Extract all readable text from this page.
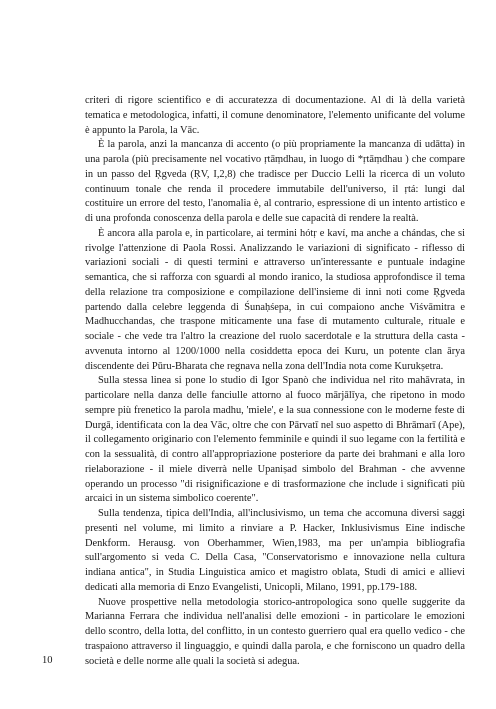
criteri di rigore scientifico e di accuratezza di documentazione. Al di là della varietà tematica e metodologica, infatti, il comune denominatore, l'elemento unificante del volume è appunto la Parola, la Vāc.

È la parola, anzi la mancanza di accento (o più propriamente la mancanza di udātta) in una parola (più precisamente nel vocativo ṛtāṃdhau, in luogo di *ṛtāṃdhau ) che compare in un passo del Ṛgveda (ṚV, I,2,8) che tradisce per Duccio Lelli la ricerca di un voluto continuum tonale che renda il procedere immutabile dell'universo, il ṛtá: lungi dal costituire un errore del testo, l'anomalia è, al contrario, espressione di un intento artistico e di una profonda conoscenza della parola e delle sue capacità di rendere la realtà.

È ancora alla parola e, in particolare, ai termini hótṛ e kaví, ma anche a chándas, che si rivolge l'attenzione di Paola Rossi. Analizzando le variazioni di significato - riflesso di variazioni sociali - di questi termini e attraverso un'interessante e puntuale indagine semantica, che si rafforza con sguardi al mondo iranico, la studiosa approfondisce il tema della relazione tra composizione e compilazione dell'insieme di inni noti come Ṛgveda partendo dalla celebre leggenda di Śunaḥśepa, in cui compaiono anche Viśvāmitra e Madhucchandas, che traspone miticamente una fase di mutamento culturale, rituale e sociale - che vede tra l'altro la creazione del ruolo sacerdotale e la struttura della casta - avvenuta intorno al 1200/1000 nella cosiddetta epoca dei Kuru, un potente clan ārya discendente dei Pūru-Bharata che regnava nella zona dell'India nota come Kurukṣetra.

Sulla stessa linea si pone lo studio di Igor Spanò che individua nel rito mahāvrata, in particolare nella danza delle fanciulle attorno al fuoco mārjālīya, che ripetono in modo sempre più frenetico la parola madhu, 'miele', e la sua connessione con le moderne feste di Durgā, identificata con la dea Vāc, oltre che con Pārvatī nel suo aspetto di Bhrāmarī (Ape), il collegamento originario con l'elemento femminile e quindi il suo legame con la fertilità e con la sessualità, di contro all'appropriazione posteriore da parte dei brahmani e alla loro rielaborazione - il miele diverrà nelle Upaniṣad simbolo del Brahman - che avvenne operando un processo "di risignificazione e di trasformazione che include i significati più arcaici in un sistema simbolico coerente".

Sulla tendenza, tipica dell'India, all'inclusivismo, un tema che accomuna diversi saggi presenti nel volume, mi limito a rinviare a P. Hacker, Inklusivismus Eine indische Denkform. Herausg. von Oberhammer, Wien,1983, ma per un'ampia bibliografia sull'argomento si veda C. Della Casa, "Conservatorismo e innovazione nella cultura indiana antica", in Studia Linguistica amico et magistro oblata, Studi di amici e allievi dedicati alla memoria di Enzo Evangelisti, Unicopli, Milano, 1991, pp.179-188.

Nuove prospettive nella metodologia storico-antropologica sono quelle suggerite da Marianna Ferrara che individua nell'analisi delle emozioni - in particolare le emozioni dello scontro, della lotta, del conflitto, in un contesto guerriero qual era quello vedico - che traspaiono attraverso il linguaggio, e quindi dalla parola, e che forniscono un quadro della società e delle norme alle quali la società si adegua.

10
